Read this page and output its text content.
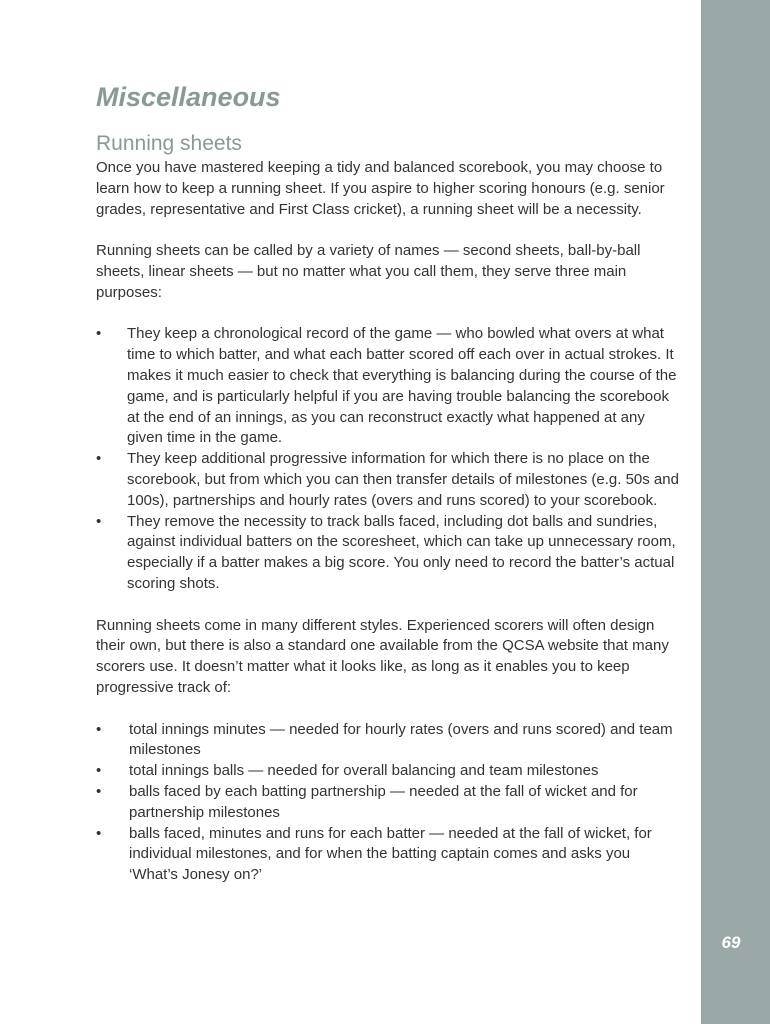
69
Miscellaneous
Running sheets

Once you have mastered keeping a tidy and balanced scorebook, you may choose to learn how to keep a running sheet. If you aspire to higher scoring honours (e.g. senior grades, representative and First Class cricket), a running sheet will be a necessity.

Running sheets can be called by a variety of names — second sheets, ball-by-ball sheets, linear sheets — but no matter what you call them, they serve three main purposes:

• They keep a chronological record of the game — who bowled what overs at what time to which batter, and what each batter scored off each over in actual strokes. It makes it much easier to check that everything is balancing during the course of the game, and is particularly helpful if you are having trouble balancing the scorebook at the end of an innings, as you can reconstruct exactly what happened at any given time in the game.
• They keep additional progressive information for which there is no place on the scorebook, but from which you can then transfer details of milestones (e.g. 50s and 100s), partnerships and hourly rates (overs and runs scored) to your scorebook.
• They remove the necessity to track balls faced, including dot balls and sundries, against individual batters on the scoresheet, which can take up unnecessary room, especially if a batter makes a big score. You only need to record the batter’s actual scoring shots.

Running sheets come in many different styles. Experienced scorers will often design their own, but there is also a standard one available from the QCSA website that many scorers use. It doesn’t matter what it looks like, as long as it enables you to keep progressive track of:

• total innings minutes — needed for hourly rates (overs and runs scored) and team milestones
• total innings balls — needed for overall balancing and team milestones
• balls faced by each batting partnership — needed at the fall of wicket and for partnership milestones
• balls faced, minutes and runs for each batter — needed at the fall of wicket, for individual milestones, and for when the batting captain comes and asks you ‘What’s Jonesy on?’
